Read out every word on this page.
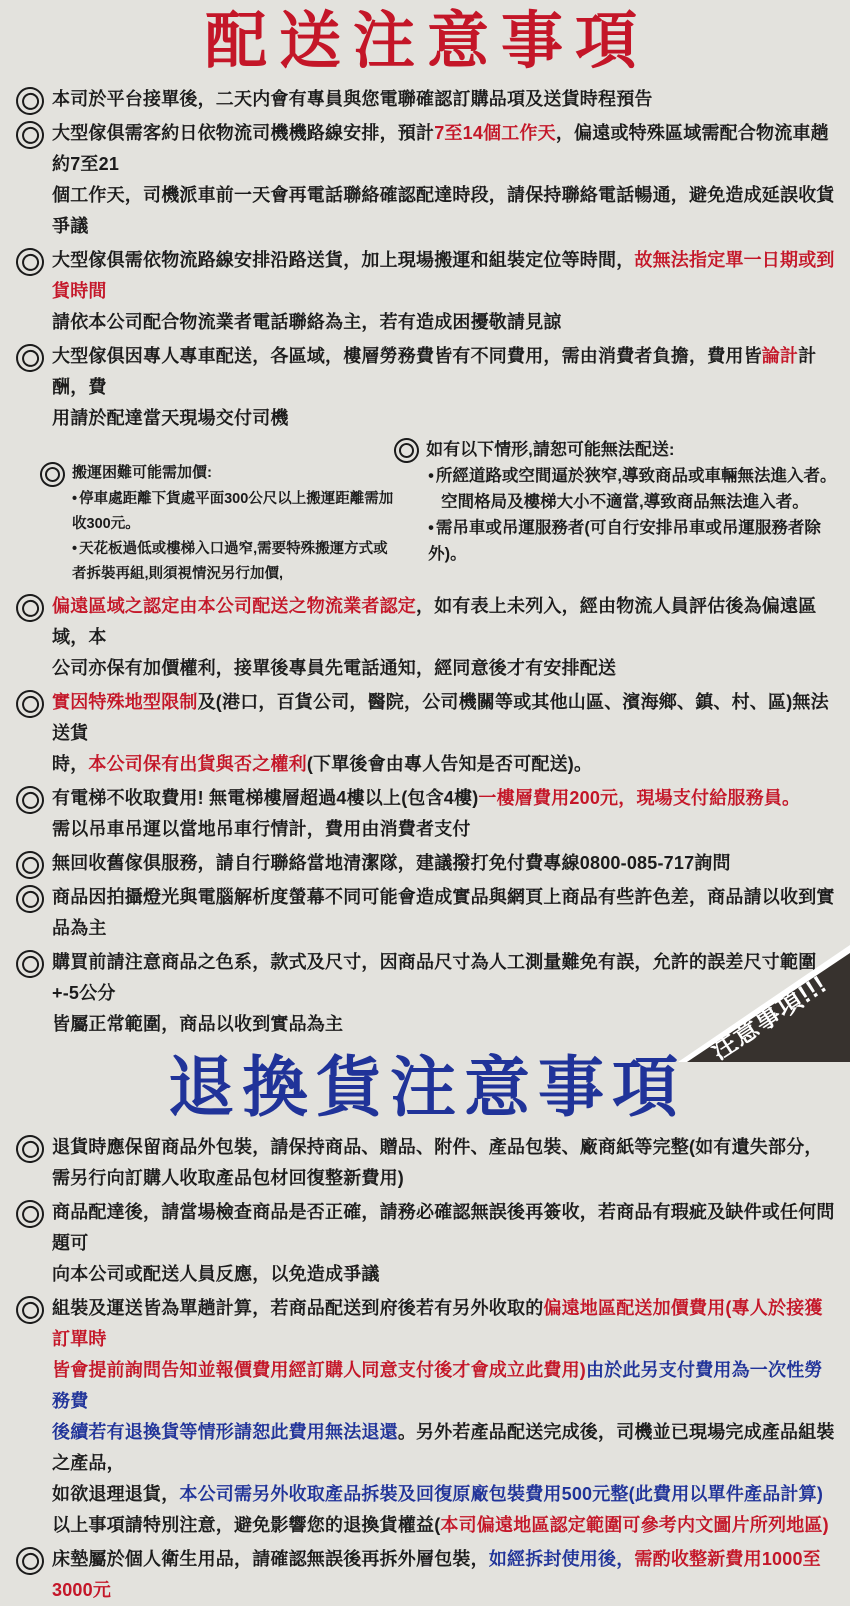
配送注意事項
本司於平台接單後，二天内會有專員與您電聯確認訂購品項及送貨時程預告
大型傢俱需客約日依物流司機機路線安排，預計7至14個工作天，偏遠或特殊區域需配合物流車趟約7至21
個工作天，司機派車前一天會再電話聯絡確認配達時段，請保持聯絡電話暢通，避免造成延誤收貨爭議
大型傢俱需依物流路線安排沿路送貨，加上現場搬運和組裝定位等時間，故無法指定單一日期或到貨時間
請依本公司配合物流業者電話聯絡為主，若有造成困擾敬請見諒
大型傢俱因專人專車配送，各區域，樓層勞務費皆有不同費用，需由消費者負擔，費用皆論計計酬，費
用請於配達當天現場交付司機
如有以下情形,請恕可能無法配送:
• 所經道路或空間逼於狹窄,導致商品或車輛無法進入者。
空間格局及樓梯大小不適當,導致商品無法進入者。
• 需吊車或吊運服務者(可自行安排吊車或吊運服務者除外)。
搬運困難可能需加價:
• 停車處距離下貨處平面300公尺以上搬運距離需加收300元。
• 天花板過低或樓梯入口過窄,需要特殊搬運方式或者拆裝再組,則須視情況另行加價,
偏遠區域之認定由本公司配送之物流業者認定，如有表上未列入，經由物流人員評估後為偏遠區域，本
公司亦保有加價權利，接單後專員先電話通知，經同意後才有安排配送
實因特殊地型限制及(港口，百貨公司，醫院，公司機關等或其他山區、濱海鄉、鎮、村、區)無法送貨
時，本公司保有出貨與否之權利(下單後會由專人告知是否可配送)。
有電梯不收取費用! 無電梯樓層超過4樓以上(包含4樓)一樓層費用200元，現場支付給服務員。
需以吊車吊運以當地吊車行情計，費用由消費者支付
無回收舊傢俱服務，請自行聯絡當地清潔隊，建議撥打免付費專線0800-085-717詢問
商品因拍攝燈光與電腦解析度螢幕不同可能會造成實品與網頁上商品有些許色差，商品請以收到實品為主
購買前請注意商品之色系，款式及尺寸，因商品尺寸為人工測量難免有誤，允許的誤差尺寸範圍+-5公分
皆屬正常範圍，商品以收到實品為主
退換貨注意事項
退貨時應保留商品外包裝，請保持商品、贈品、附件、產品包裝、廠商紙等完整(如有遺失部分，
需另行向訂購人收取產品包材回復整新費用)
商品配達後，請當場檢查商品是否正確，請務必確認無誤後再簽收，若商品有瑕疵及缺件或任何問題可
向本公司或配送人員反應，以免造成爭議
組裝及運送皆為單趟計算，若商品配送到府後若有另外收取的偏遠地區配送加價費用(專人於接獲訂單時
皆會提前詢問告知並報價費用經訂購人同意支付後才會成立此費用)由於此另支付費用為一次性勞務費
後續若有退換貨等情形請恕此費用無法退還。另外若產品配送完成後，司機並已現場完成產品組裝之產品，
如欲退理退貨，本公司需另外收取產品拆裝及回復原廠包裝費用500元整(此費用以單件產品計算)
以上事項請特別注意，避免影響您的退換貨權益(本司偏遠地區認定範圍可參考内文圖片所列地區)
床墊屬於個人衛生用品，請確認無誤後再拆外層包裝，如經拆封使用後，需酌收整新費用1000至3000元
注意事項!!!
